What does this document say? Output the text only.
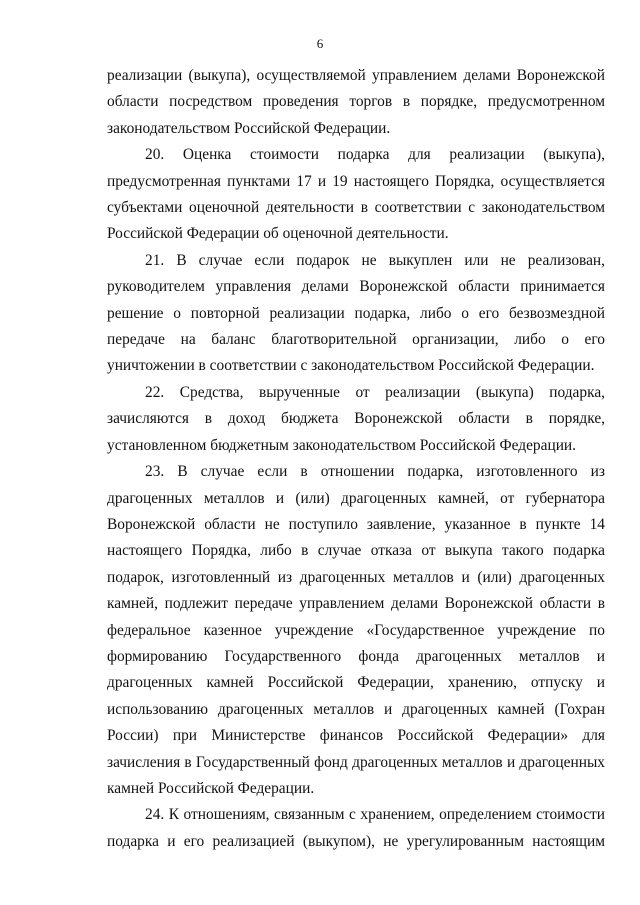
6

реализации (выкупа), осуществляемой управлением делами Воронежской области посредством проведения торгов в порядке, предусмотренном законодательством Российской Федерации.

20. Оценка стоимости подарка для реализации (выкупа), предусмотренная пунктами 17 и 19 настоящего Порядка, осуществляется субъектами оценочной деятельности в соответствии с законодательством Российской Федерации об оценочной деятельности.

21. В случае если подарок не выкуплен или не реализован, руководителем управления делами Воронежской области принимается решение о повторной реализации подарка, либо о его безвозмездной передаче на баланс благотворительной организации, либо о его уничтожении в соответствии с законодательством Российской Федерации.

22. Средства, вырученные от реализации (выкупа) подарка, зачисляются в доход бюджета Воронежской области в порядке, установленном бюджетным законодательством Российской Федерации.

23. В случае если в отношении подарка, изготовленного из драгоценных металлов и (или) драгоценных камней, от губернатора Воронежской области не поступило заявление, указанное в пункте 14 настоящего Порядка, либо в случае отказа от выкупа такого подарка подарок, изготовленный из драгоценных металлов и (или) драгоценных камней, подлежит передаче управлением делами Воронежской области в федеральное казенное учреждение «Государственное учреждение по формированию Государственного фонда драгоценных металлов и драгоценных камней Российской Федерации, хранению, отпуску и использованию драгоценных металлов и драгоценных камней (Гохран России) при Министерстве финансов Российской Федерации» для зачисления в Государственный фонд драгоценных металлов и драгоценных камней Российской Федерации.

24. К отношениям, связанным с хранением, определением стоимости подарка и его реализацией (выкупом), не урегулированным настоящим
